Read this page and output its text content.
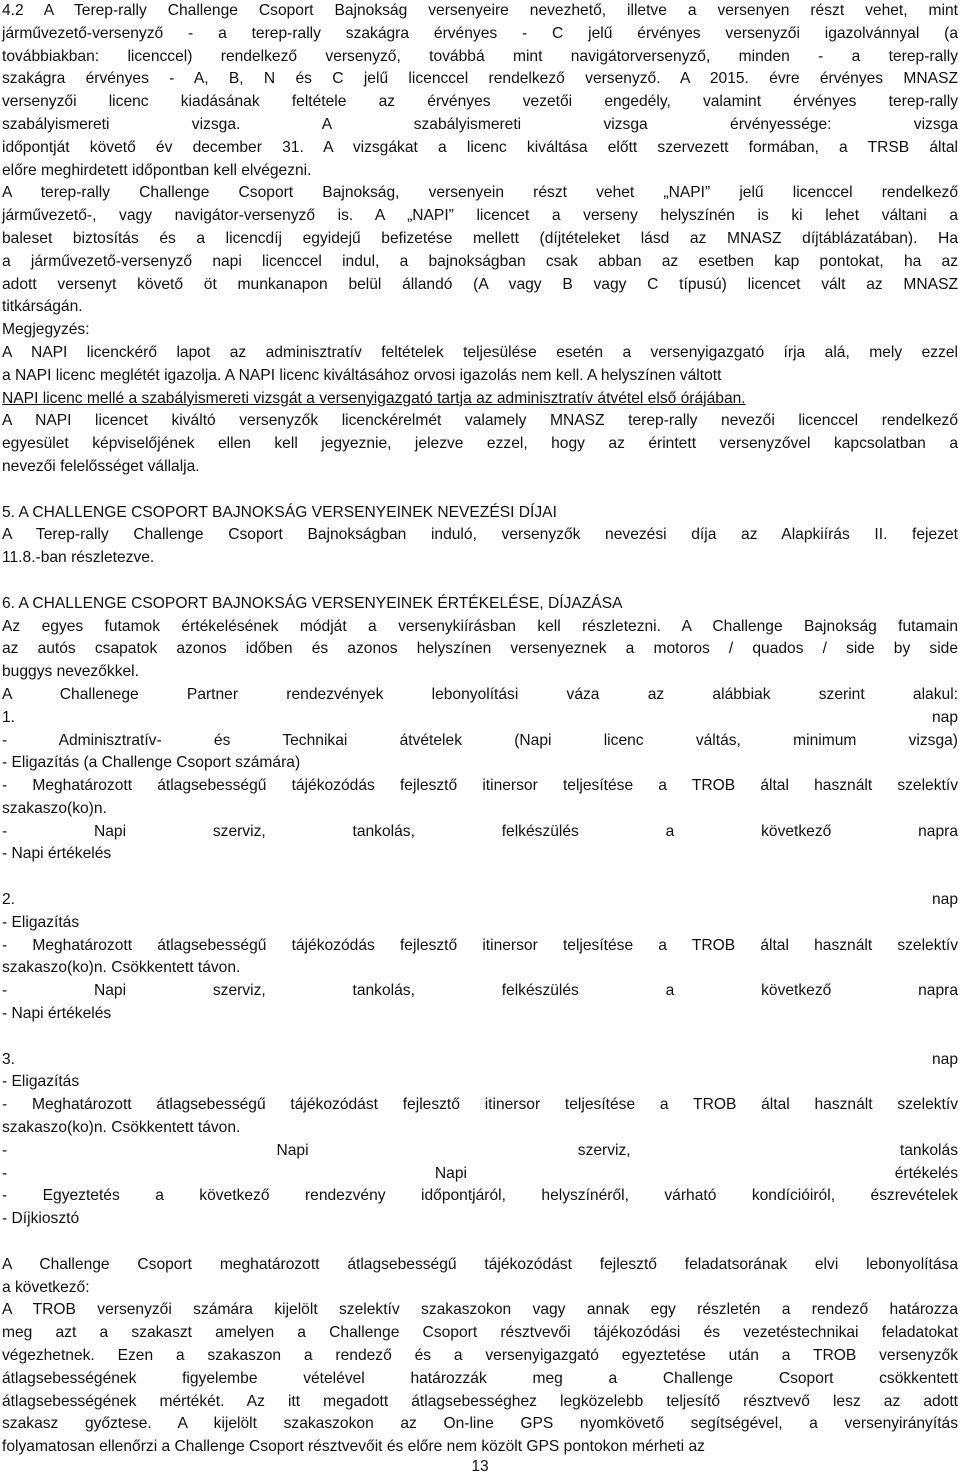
4.2 A Terep-rally Challenge Csoport Bajnokság versenyeire nevezhető, illetve a versenyen részt vehet, mint
járművezető-versenyző - a terep-rally szakágra érvényes - C jelű érvényes versenyzői igazolvánnyal (a
továbbiakban: licenccel) rendelkező versenyző, továbbá mint navigátorversenyző, minden - a terep-rally
szakágra érvényes - A, B, N és C jelű licenccel rendelkező versenyző. A 2015. évre érvényes MNASZ
versenyzői licenc kiadásának feltétele az érvényes vezetői engedély, valamint érvényes terep-rally
szabályismereti vizsga. A szabályismereti vizsga érvényessége: vizsga
időpontját követő év december 31. A vizsgákat a licenc kiváltása előtt szervezett formában, a TRSB által
előre meghirdetett időpontban kell elvégezni.
A terep-rally Challenge Csoport Bajnokság, versenyein részt vehet „NAPI” jelű licenccel rendelkező
járművezető-, vagy navigátor-versenyző is. A „NAPI” licencet a verseny helyszínén is ki lehet váltani a
baleset biztosítás és a licencdíj egyidejű befizetése mellett (díjtételeket lásd az MNASZ díjtáblázatában). Ha
a járművezető-versenyző napi licenccel indul, a bajnokságban csak abban az esetben kap pontokat, ha az
adott versenyt követő öt munkanapon belül állandó (A vagy B vagy C típusú) licencet vált az MNASZ
titkárságán.
Megjegyzés:
A NAPI licenckérő lapot az adminisztratív feltételek teljesülése esetén a versenyigazgató írja alá, mely ezzel
a NAPI licenc meglétét igazolja. A NAPI licenc kiváltásához orvosi igazolás nem kell. A helyszínen váltott
NAPI licenc mellé a szabályismereti vizsgát a versenyigazgató tartja az adminisztratív átvétel első órájában.
A NAPI licencet kiváltó versenyzők licenckérelmét valamely MNASZ terep-rally nevezői licenccel rendelkező
egyesület képviselőjének ellen kell jegyeznie, jelezve ezzel, hogy az érintett versenyzővel kapcsolatban a
nevezői felelősséget vállalja.
5. A CHALLENGE CSOPORT BAJNOKSÁG VERSENYEINEK NEVEZÉSI DÍJAI
A Terep-rally Challenge Csoport Bajnokságban induló, versenyzők nevezési díja az Alapkiírás II. fejezet
11.8.-ban részletezve.
6. A CHALLENGE CSOPORT BAJNOKSÁG VERSENYEINEK ÉRTÉKELÉSE, DÍJAZÁSA
Az egyes futamok értékelésének módját a versenykiírásban kell részletezni. A Challenge Bajnokság futamain
az autós csapatok azonos időben és azonos helyszínen versenyeznek a motoros / quados / side by side
buggys nevezőkkel.
A Challenege Partner rendezvények lebonyolítási váza az alábbiak szerint alakul:
1. nap
- Adminisztratív- és Technikai átvételek (Napi licenc váltás, minimum vizsga)
- Eligazítás (a Challenge Csoport számára)
- Meghatározott átlagsebességű tájékozódás fejlesztő itinersor teljesítése a TROB által használt szelektív
szakaszo(ko)n.
- Napi szerviz, tankolás, felkészülés a következő napra
- Napi értékelés
2. nap
- Eligazítás
- Meghatározott átlagsebességű tájékozódás fejlesztő itinersor teljesítése a TROB által használt szelektív
szakaszo(ko)n. Csökkentett távon.
- Napi szerviz, tankolás, felkészülés a következő napra
- Napi értékelés
3. nap
- Eligazítás
- Meghatározott átlagsebességű tájékozódást fejlesztő itinersor teljesítése a TROB által használt szelektív
szakaszo(ko)n. Csökkentett távon.
- Napi szerviz, tankolás
- Napi értékelés
- Egyeztetés a következő rendezvény időpontjáról, helyszínéről, várható kondícióiról, észrevételek
- Díjkiosztó
A Challenge Csoport meghatározott átlagsebességű tájékozódást fejlesztő feladatsorának elvi lebonyolítása
a következő:
A TROB versenyzői számára kijelölt szelektív szakaszokon vagy annak egy részletén a rendező határozza
meg azt a szakaszt amelyen a Challenge Csoport résztvevői tájékozódási és vezetéstechnikai feladatokat
végezhetnek. Ezen a szakaszon a rendező és a versenyigazgató egyeztetése után a TROB versenyzők
átlagsebességének figyelembe vételével határozzák meg a Challenge Csoport csökkentett
átlagsebességének mértékét. Az itt megadott átlagsebességhez legközelebb teljesítő résztvevő lesz az adott
szakasz győztese. A kijelölt szakaszokon az On-line GPS nyomkövető segítségével, a versenyirányítás
folyamatosan ellenőrzi a Challenge Csoport résztvevőit és előre nem közölt GPS pontokon mérheti az
13
